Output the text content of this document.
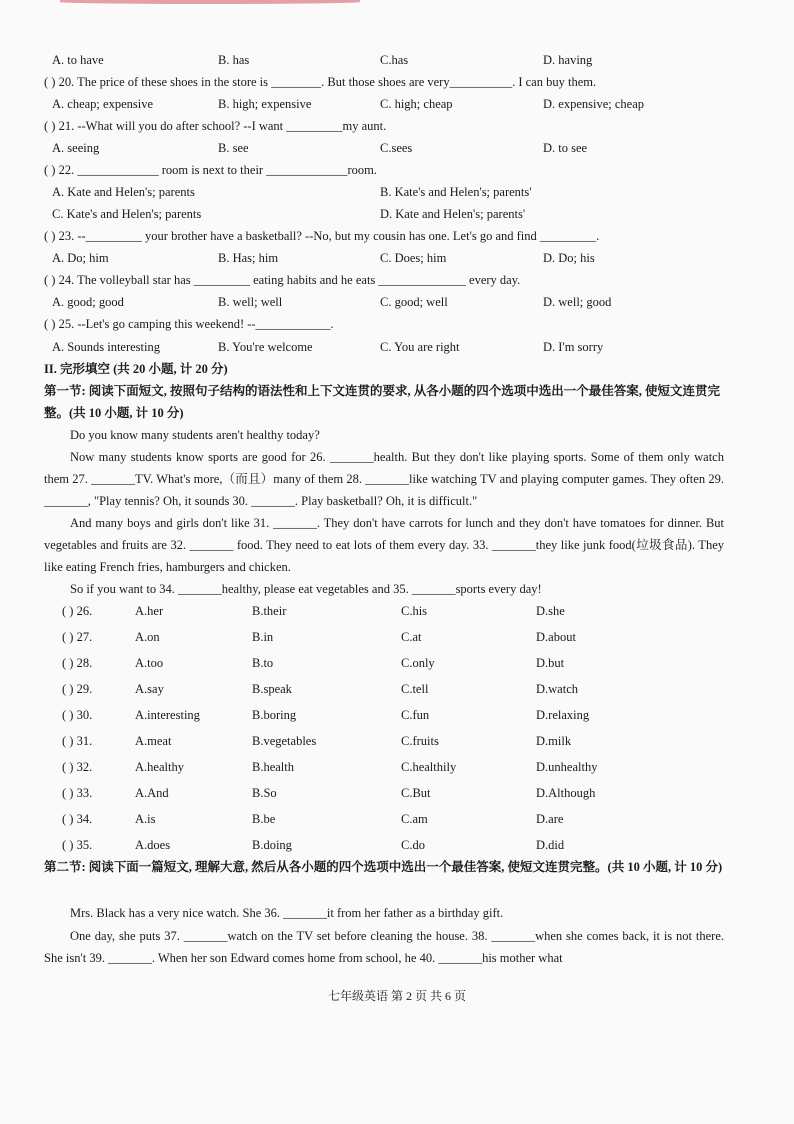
A. to have	B. has	C.has	D. having
( ) 20. The price of these shoes in the store is ________. But those shoes are very__________. I can buy them.
A. cheap; expensive	B. high; expensive	C. high; cheap	D. expensive; cheap
( ) 21. --What will you do after school? --I want _________my aunt.
A. seeing	B. see	C.sees	D. to see
( ) 22. _____________ room is next to their _____________room.
A. Kate and Helen's; parents	B. Kate's and Helen's; parents'
C. Kate's and Helen's; parents	D. Kate and Helen's; parents'
( ) 23. --_________ your brother have a basketball? --No, but my cousin has one. Let's go and find _________.
A. Do; him	B. Has; him	C. Does; him	D. Do; his
( ) 24. The volleyball star has _________ eating habits and he eats ______________ every day.
A. good; good	B. well; well	C. good; well	D. well; good
( ) 25. --Let's go camping this weekend! --____________.
A. Sounds interesting	B. You're welcome	C. You are right	D. I'm sorry
II. 完形填空 (共 20 小题, 计 20 分)
第一节: 阅读下面短文, 按照句子结构的语法性和上下文连贯的要求, 从各小题的四个选项中选出一个最佳答案, 使短文连贯完整。(共 10 小题, 计 10 分)
Do you know many students aren't healthy today?
Now many students know sports are good for 26. _______health. But they don't like playing sports. Some of them only watch them 27. _______TV. What's more,（而且）many of them 28. _______like watching TV and playing computer games. They often 29. _______, "Play tennis? Oh, it sounds 30. _______. Play basketball? Oh, it is difficult."
And many boys and girls don't like 31. _______. They don't have carrots for lunch and they don't have tomatoes for dinner. But vegetables and fruits are 32. _______ food. They need to eat lots of them every day. 33. _______they like junk food(垃圾食品). They like eating French fries, hamburgers and chicken.
So if you want to 34. _______healthy, please eat vegetables and 35. _______sports every day!
( ) 26.	A.her	B.their	C.his	D.she
( ) 27.	A.on	B.in	C.at	D.about
( ) 28.	A.too	B.to	C.only	D.but
( ) 29.	A.say	B.speak	C.tell	D.watch
( ) 30.	A.interesting	B.boring	C.fun	D.relaxing
( ) 31.	A.meat	B.vegetables	C.fruits	D.milk
( ) 32.	A.healthy	B.health	C.healthily	D.unhealthy
( ) 33.	A.And	B.So	C.But	D.Although
( ) 34.	A.is	B.be	C.am	D.are
( ) 35.	A.does	B.doing	C.do	D.did
第二节: 阅读下面一篇短文, 理解大意, 然后从各小题的四个选项中选出一个最佳答案, 使短文连贯完整。(共 10 小题, 计 10 分)
Mrs. Black has a very nice watch. She 36. _______it from her father as a birthday gift.
One day, she puts 37. _______watch on the TV set before cleaning the house. 38. _______when she comes back, it is not there. She isn't 39. _______. When her son Edward comes home from school, he 40. _______his mother what
七年级英语 第 2 页 共 6 页
